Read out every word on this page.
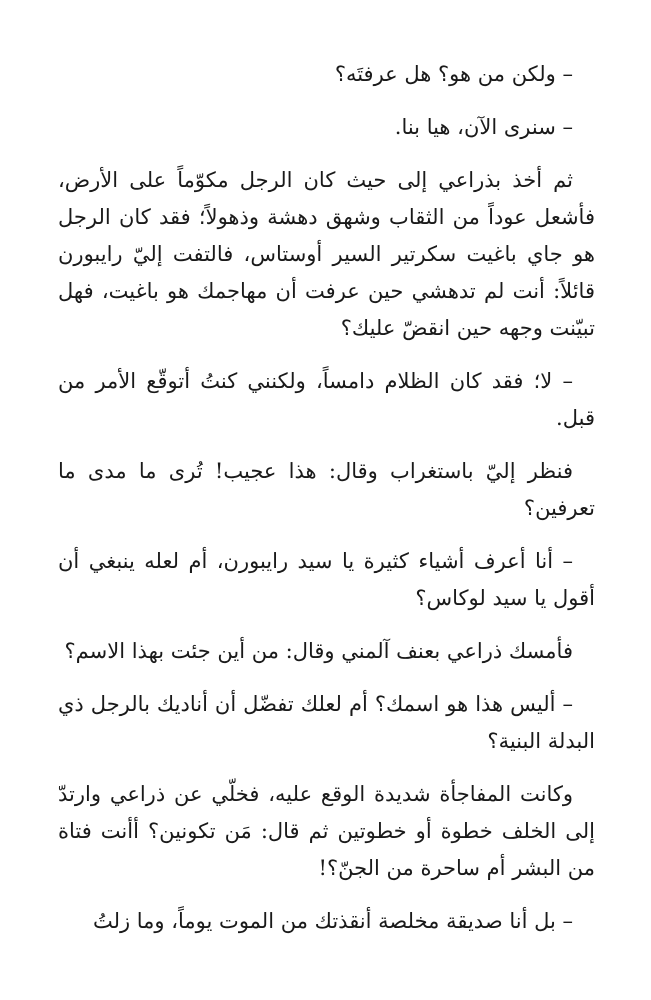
– ولكن من هو؟ هل عرفتَه؟

– سنرى الآن، هيا بنا.

ثم أخذ بذراعي إلى حيث كان الرجل مكوّماً على الأرض، فأشعل عوداً من الثقاب وشهق دهشة وذهولاً؛ فقد كان الرجل هو جاي باغيت سكرتير السير أوستاس، فالتفت إليّ رايبورن قائلاً: أنت لم تدهشي حين عرفت أن مهاجمك هو باغيت، فهل تبيّنت وجهه حين انقضّ عليك؟

– لا؛ فقد كان الظلام دامساً، ولكنني كنتُ أتوقّع الأمر من قبل.

فنظر إليّ باستغراب وقال: هذا عجيب! تُرى ما مدى ما تعرفين؟

– أنا أعرف أشياء كثيرة يا سيد رايبورن، أم لعله ينبغي أن أقول يا سيد لوكاس؟

فأمسك ذراعي بعنف آلمني وقال: من أين جئت بهذا الاسم؟

– أليس هذا هو اسمك؟ أم لعلك تفضّل أن أناديك بالرجل ذي البدلة البنية؟

وكانت المفاجأة شديدة الوقع عليه، فخلّي عن ذراعي وارتدّ إلى الخلف خطوة أو خطوتين ثم قال: مَن تكونين؟ أأنت فتاة من البشر أم ساحرة من الجنّ؟!

– بل أنا صديقة مخلصة أنقذتك من الموت يوماً، وما زلتُ
